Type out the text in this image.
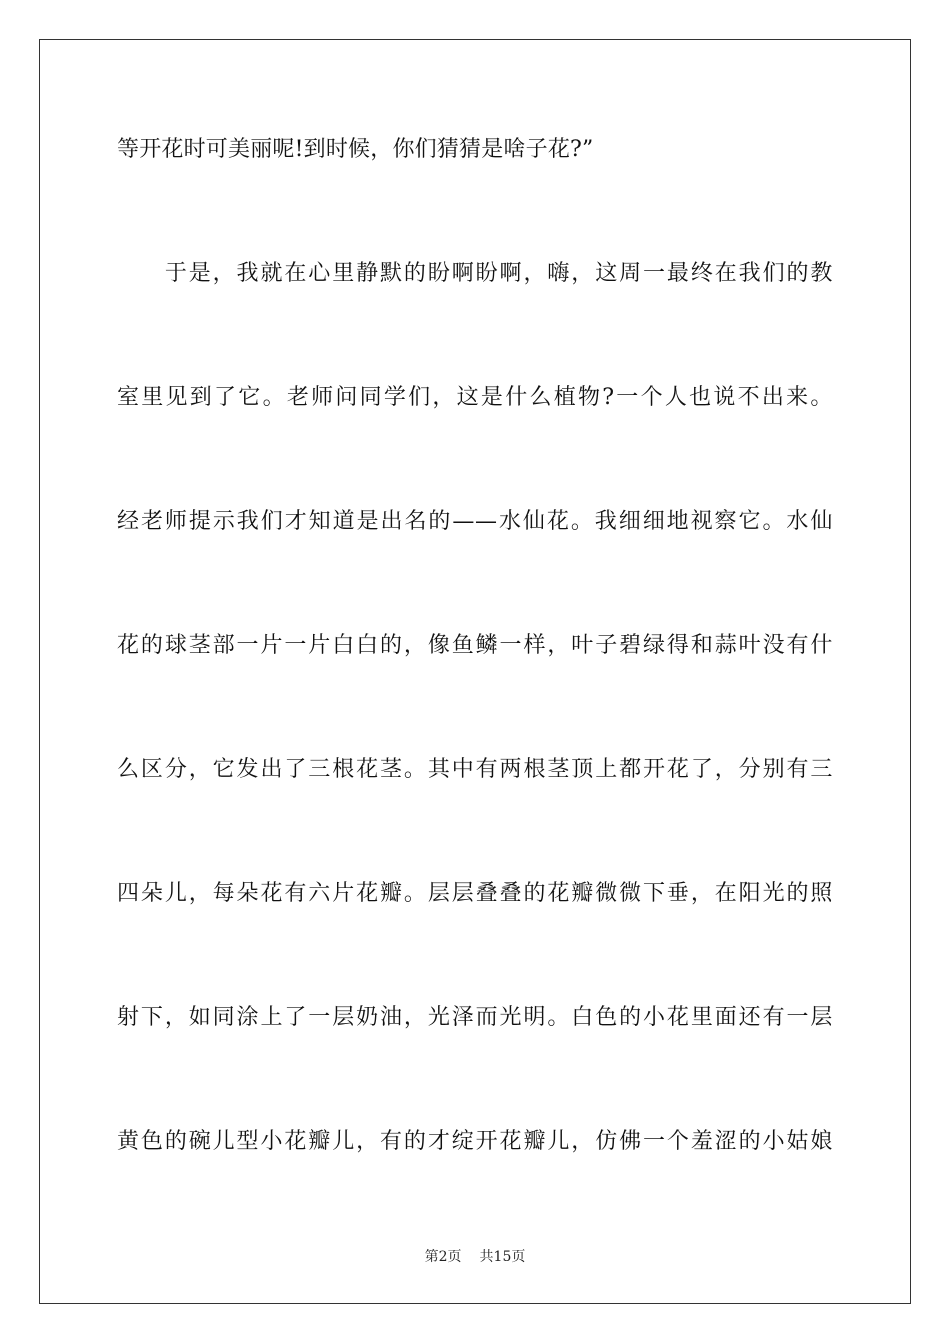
等开花时可美丽呢!到时候，你们猜猜是啥子花?”
　　于是，我就在心里静默的盼啊盼啊，嗨，这周一最终在我们的教
室里见到了它。老师问同学们，这是什么植物?一个人也说不出来。
经老师提示我们才知道是出名的——水仙花。我细细地视察它。水仙
花的球茎部一片一片白白的，像鱼鳞一样，叶子碧绿得和蒜叶没有什
么区分，它发出了三根花茎。其中有两根茎顶上都开花了，分别有三
四朵儿，每朵花有六片花瓣。层层叠叠的花瓣微微下垂，在阳光的照
射下，如同涂上了一层奶油，光泽而光明。白色的小花里面还有一层
黄色的碗儿型小花瓣儿，有的才绽开花瓣儿，仿佛一个羞涩的小姑娘
第2页 共15页
